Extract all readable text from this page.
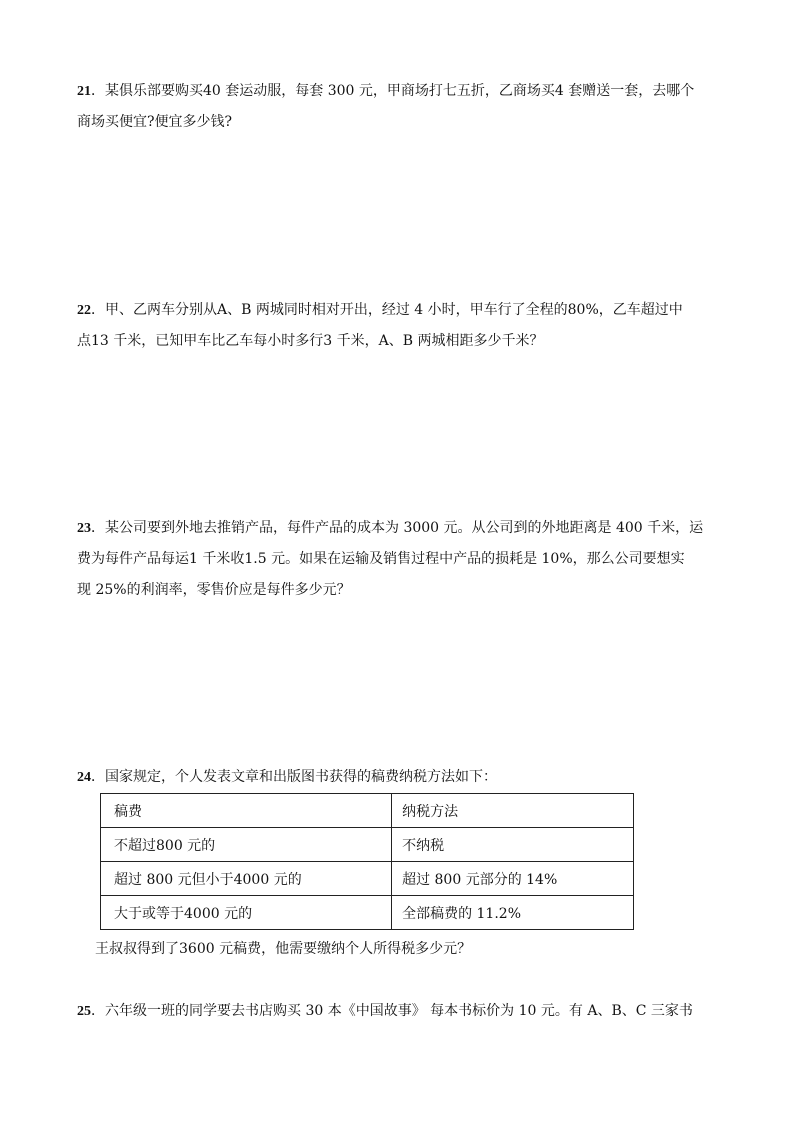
21．某俱乐部要购买40 套运动服，每套 300 元，甲商场打七五折，乙商场买4 套赠送一套，去哪个
商场买便宜?便宜多少钱?
22．甲、乙两车分别从A、B 两城同时相对开出，经过 4 小时，甲车行了全程的80%，乙车超过中
点13 千米，已知甲车比乙车每小时多行3 千米，A、B 两城相距多少千米？
23．某公司要到外地去推销产品，每件产品的成本为 3000 元。从公司到的外地距离是 400 千米，运
费为每件产品每运1 千米收1.5 元。如果在运输及销售过程中产品的损耗是 10%，那么公司要想实
现 25%的利润率，零售价应是每件多少元？
24．国家规定，个人发表文章和出版图书获得的稿费纳税方法如下：
稿费	纳税方法
不超过800 元的	不纳税
超过 800 元但小于4000 元的	超过 800 元部分的 14%
大于或等于4000 元的	全部稿费的 11.2%
王叔叔得到了3600 元稿费，他需要缴纳个人所得税多少元？
25．六年级一班的同学要去书店购买 30 本《中国故事》 每本书标价为 10 元。有 A、B、C 三家书
